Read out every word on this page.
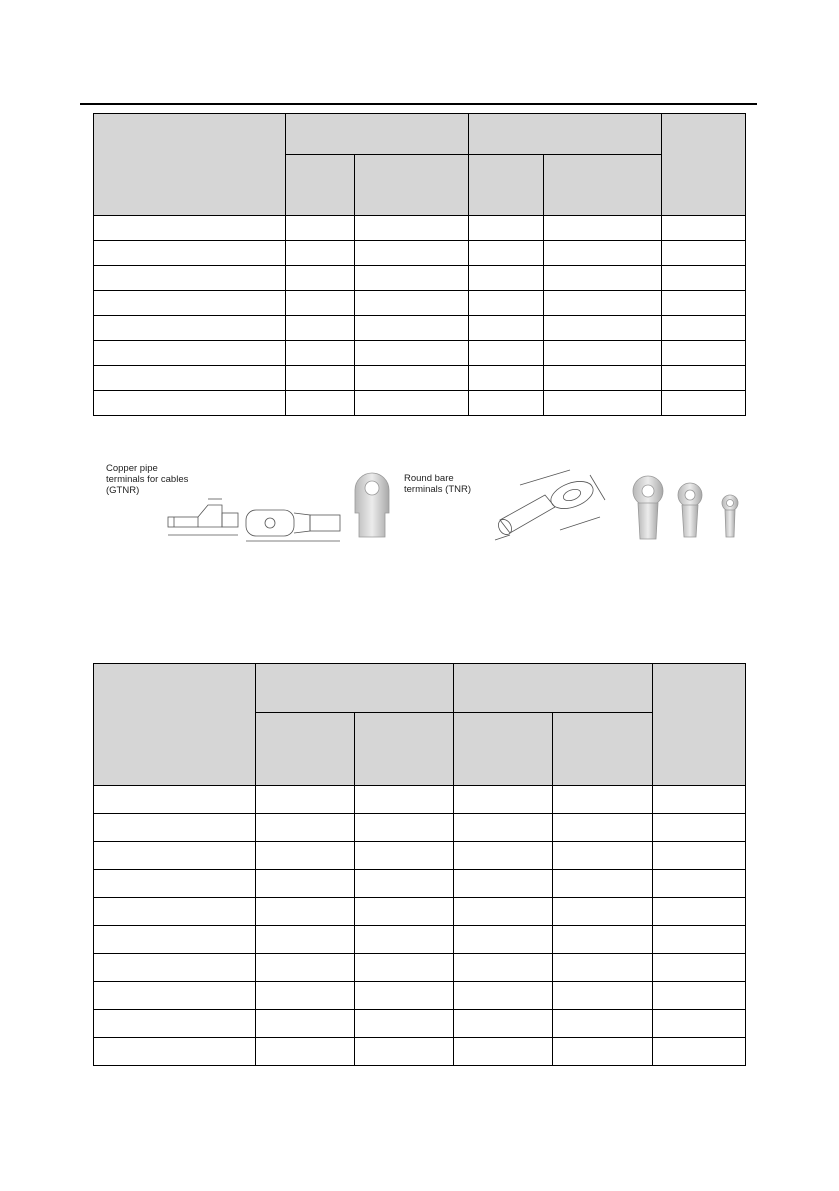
Copper pipe
terminals for cables
(GTNR)
Round bare
terminals (TNR)
